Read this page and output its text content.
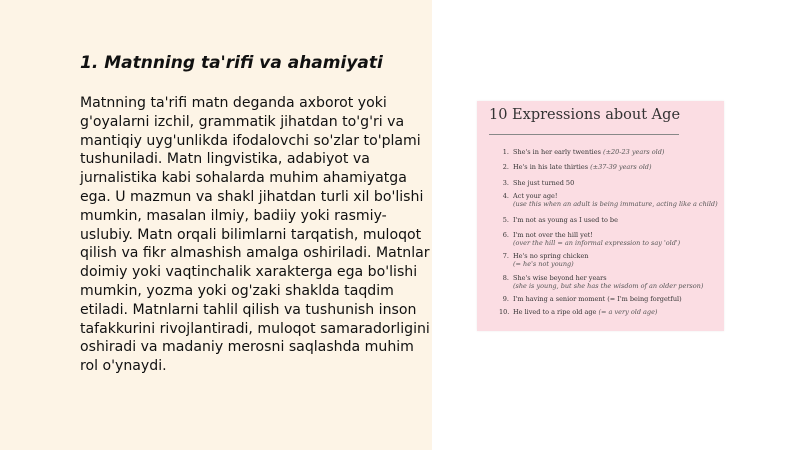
1. Matnning ta'rifi va ahamiyati

Matnning ta'rifi matn deganda axborot yoki g'oyalarni izchil, grammatik jihatdan to'g'ri va mantiqiy uyg'unlikda ifodalovchi so'zlar to'plami tushuniladi. Matn lingvistika, adabiyot va jurnalistika kabi sohalarda muhim ahamiyatga ega. U mazmun va shakl jihatdan turli xil bo'lishi mumkin, masalan ilmiy, badiiy yoki rasmiy-uslubiy. Matn orqali bilimlarni tarqatish, muloqot qilish va fikr almashish amalga oshiriladi. Matnlar doimiy yoki vaqtinchalik xarakterga ega bo'lishi mumkin, yozma yoki og'zaki shaklda taqdim etiladi. Matnlarni tahlil qilish va tushunish inson tafakkurini rivojlantiradi, muloqot samaradorligini oshiradi va madaniy merosni saqlashda muhim rol o'ynaydi.

10 Expressions about Age
1. She's in her early twenties (±20-23 years old)
2. He's in his late thirties (±37-39 years old)
3. She just turned 50
4. Act your age!
(use this when an adult is being immature, acting like a child)
5. I'm not as young as I used to be
6. I'm not over the hill yet!
(over the hill = an informal expression to say 'old')
7. He's no spring chicken
(= he's not young)
8. She's wise beyond her years
(she is young, but she has the wisdom of an older person)
9. I'm having a senior moment (= I'm being forgetful)
10. He lived to a ripe old age (= a very old age)
